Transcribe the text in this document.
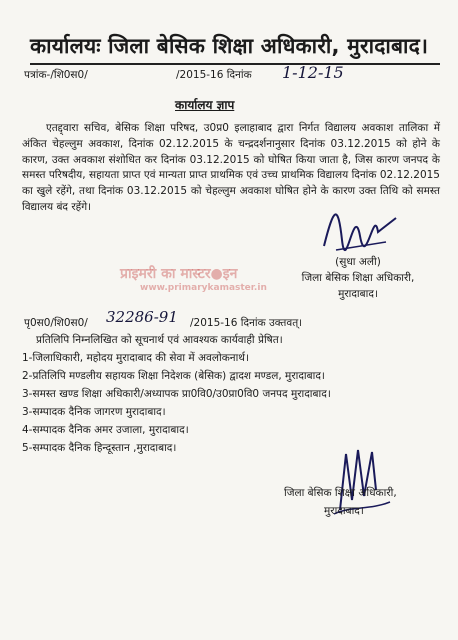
कार्यालयः जिला बेसिक शिक्षा अधिकारी, मुरादाबाद।
पत्रांक-/शि0स0/	/2015-16 दिनांक 1-12-15
कार्यालय ज्ञाप

एतद्द्वारा सचिव, बेसिक शिक्षा परिषद, उ0प्र0 इलाहाबाद द्वारा निर्गत विद्यालय अवकाश तालिका में अंकित चेहल्लुम अवकाश, दिनांक 02.12.2015 के चन्द्रदर्शनानुसार दिनांक 03.12.2015 को होने के कारण, उक्त अवकाश संशोधित कर दिनांक 03.12.2015 को घोषित किया जाता है, जिस कारण जनपद के समस्त परिषदीय, सहायता प्राप्त एवं मान्यता प्राप्त प्राथमिक एवं उच्च प्राथमिक विद्यालय दिनांक 02.12.2015 का खुले रहेंगे, तथा दिनांक 03.12.2015 को चेहल्लुम अवकाश घोषित होने के कारण उक्त तिथि को समस्त विद्यालय बंद रहेंगे।

प्राइमरी का मास्टर●इन
www.primarykamaster.in
(सुधा अली)
जिला बेसिक शिक्षा अधिकारी,
मुरादाबाद।
पृ0स0/शि0स0/ 32286-91 /2015-16 दिनांक उक्तवत्।
प्रतिलिपि निम्नलिखित को सूचनार्थ एवं आवश्यक कार्यवाही प्रेषित।
1-जिलाधिकारी, महोदय मुरादाबाद की सेवा में अवलोकनार्थ।
2-प्रतिलिपि मण्डलीय सहायक शिक्षा निदेशक (बेसिक) द्वादश मण्डल, मुरादाबाद।
3-समस्त खण्ड शिक्षा अधिकारी/अध्यापक प्रा0वि0/उ0प्रा0वि0 जनपद मुरादाबाद।
3-सम्पादक दैनिक जागरण मुरादाबाद।
4-सम्पादक दैनिक अमर उजाला, मुरादाबाद।
5-सम्पादक दैनिक हिन्दूस्तान ,मुरादाबाद।
जिला बेसिक शिक्षा अधिकारी,
मुरादाबाद।
